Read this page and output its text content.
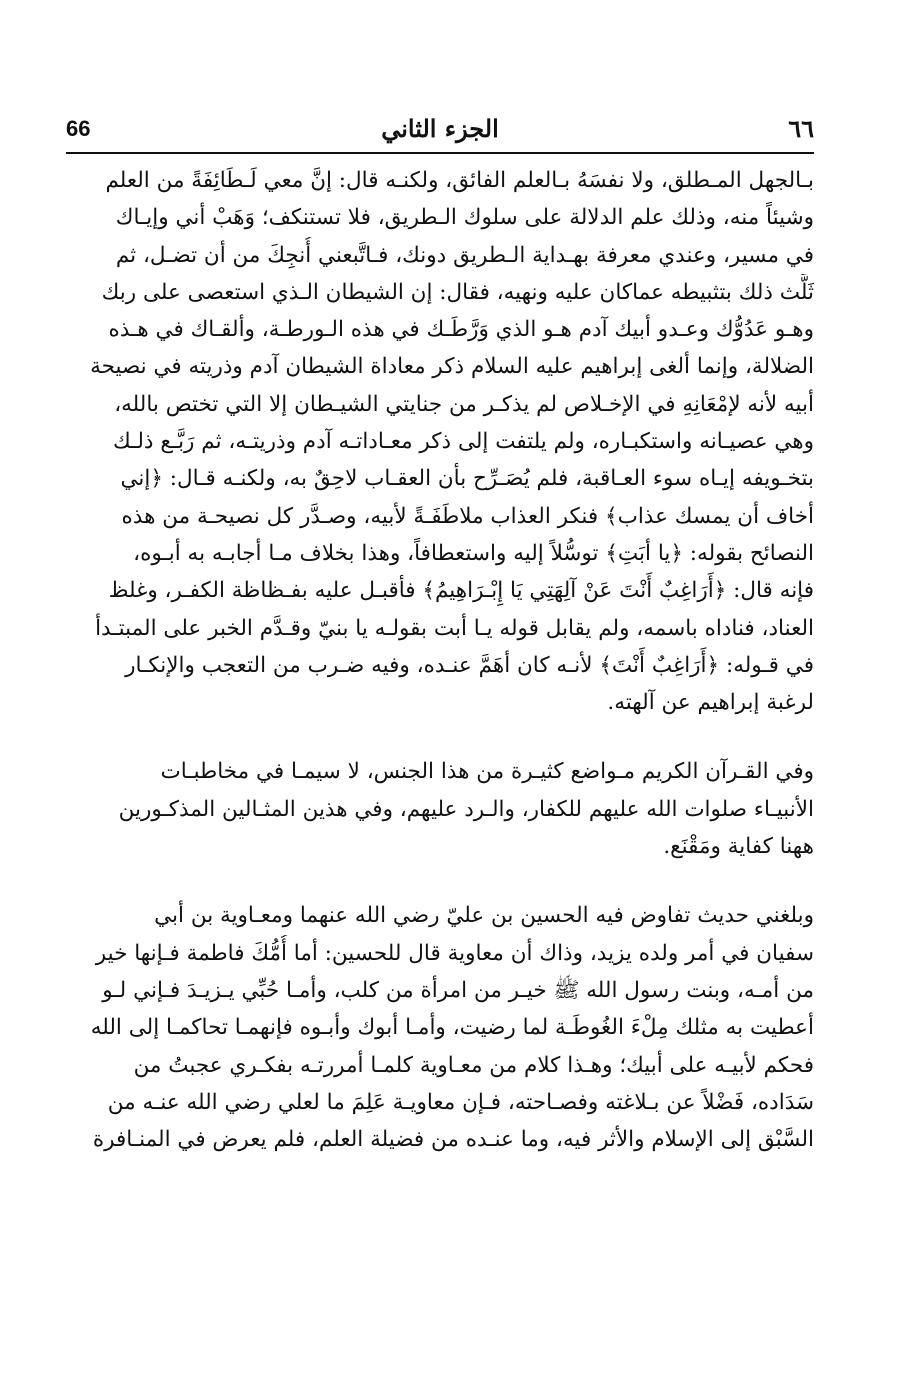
٦٦
الجزء الثاني
66

بـالجهل المـطلق، ولا نفسَهُ بـالعلم الفائق، ولكنـه قال: إنَّ معي لَـطَائِفَةً من العلم
وشيئاً منه، وذلك علم الدلالة على سلوك الـطريق، فلا تستنكف؛ وَهَبْ أني وإيـاك
في مسير، وعندي معرفة بهـداية الـطريق دونك، فـاتَّبعني أُنجِكَ من أن تضـل، ثم
ثَلَّث ذلك بتثبيطه عماكان عليه ونهيه، فقال: إن الشيطان الـذي استعصى على ربك
وهـو عَدُوُّك وعـدو أبيك آدم هـو الذي وَرَّطَـك في هذه الـورطـة، وألقـاك في هـذه
الضلالة، وإنما ألغى إبراهيم عليه السلام ذكر معاداة الشيطان آدم وذريته في نصيحة
أبيه لأنه لإمْعَانِهِ في الإخـلاص لم يذكـر من جنايتي الشيـطان إلا التي تختص بالله،
وهي عصيـانه واستكبـاره، ولم يلتفت إلى ذكر معـاداتـه آدم وذريتـه، ثم رَبَّـع ذلـك
بتخـويفه إيـاه سوء العـاقبة، فلم يُصَـرِّح بأن العقـاب لاحِقٌ به، ولكنـه قـال: ﴿إني
أخاف أن يمسك عذاب﴾ فنكر العذاب ملاطَفَـةً لأبيه، وصـدَّر كل نصيحـة من هذه
النصائح بقوله: ﴿يا أبَتِ﴾ توسُّلاً إليه واستعطافاً، وهذا بخلاف مـا أجابـه به أبـوه،
فإنه قال: ﴿أَرَاغِبٌ أَنْتَ عَنْ آلِهَتِي يَا إِبْـرَاهِيمُ﴾ فأقبـل عليه بفـظاظة الكفـر، وغلظ
العناد، فناداه باسمه، ولم يقابل قوله يـا أبت بقولـه يا بنيّ وقـدَّم الخبر على المبتـدأ
في قـوله: ﴿أَرَاغِبٌ أَنْتَ﴾ لأنـه كان أهَمَّ عنـده، وفيه ضـرب من التعجب والإنكـار
لرغبة إبراهيم عن آلهته.

وفي القـرآن الكريم مـواضع كثيـرة من هذا الجنس، لا سيمـا في مخاطبـات
الأنبيـاء صلوات الله عليهم للكفار، والـرد عليهم، وفي هذين المثـالين المذكـورين
ههنا كفاية ومَقْنَع.

وبلغني حديث تفاوض فيه الحسين بن عليّ رضي الله عنهما ومعـاوية بن أبي
سفيان في أمر ولده يزيد، وذاك أن معاوية قال للحسين: أما أُمُّكَ فاطمة فـإنها خير
من أمـه، وبنت رسول الله ﷺ خيـر من امرأة من كلب، وأمـا حُبِّي يـزيـدَ فـإني لـو
أعطيت به مثلك مِلْءَ الغُوطَـة لما رضيت، وأمـا أبوك وأبـوه فإنهمـا تحاكمـا إلى الله
فحكم لأبيـه على أبيك؛ وهـذا كلام من معـاوية كلمـا أمررتـه بفكـري عجبتُ من
سَدَاده، فَضْلاً عن بـلاغته وفصـاحته، فـإن معاويـة عَلِمَ ما لعلي رضي الله عنـه من
السَّبْق إلى الإسلام والأثر فيه، وما عنـده من فضيلة العلم، فلم يعرض في المنـافرة
